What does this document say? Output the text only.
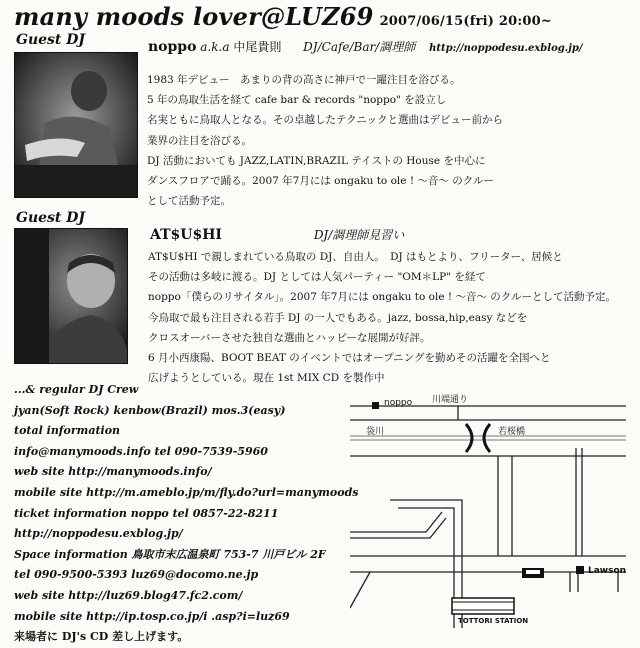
many moods lover@LUZ69 2007/06/15(fri) 20:00~
Guest DJ	noppo a.k.a 中尾貴則 DJ/Cafe/Bar/調理師 http://noppodesu.exblog.jp/
1983 年デビュー　あまりの背の高さに神戸で一躍注目を浴びる。
5 年の鳥取生活を経て cafe bar & records "noppo" を設立し
名実ともに鳥取人となる。その卓越したテクニックと選曲はデビュー前から
業界の注目を浴びる。
DJ 活動においても JAZZ,LATIN,BRAZIL テイストの House を中心に
ダンスフロアで踊る。2007 年7月には ongaku to ole ! ～音～ のクルー
として活動予定。
Guest DJ
AT$U$HI	DJ/調理師見習い
AT$U$HI で親しまれている鳥取の DJ、自由人。　DJ はもとより、フリーター、居候と
その活動は多岐に渡る。DJ としては人気パーティー "OM＊LP" を経て
noppo「僕らのリサイタル」。2007 年7月には ongaku to ole ! ～音～ のクルーとして活動予定。
今鳥取で最も注目される若手 DJ の一人でもある。jazz, bossa,hip,easy などを
クロスオーバーさせた独自な選曲とハッピーな展開が好評。
6 月小西康陽、BOOT BEAT のイベントではオープニングを勤めその活躍を全国へと
広げようとしている。現在 1st MIX CD を製作中
...& regular DJ Crew
jyan(Soft Rock) kenbow(Brazil) mos.3(easy)
total information
info@manymoods.info tel 090-7539-5960
web site http://manymoods.info/
mobile site http://m.ameblo.jp/m/fly.do?url=manymoods
ticket information noppo tel 0857-22-8211
http://noppodesu.exblog.jp/
Space information 鳥取市末広温泉町 753-7 川戸ビル 2F
tel 090-9500-5393 luz69@docomo.ne.jp
web site http://luz69.blog47.fc2.com/
mobile site http://ip.tosp.co.jp/i .asp?i=luz69
来場者に DJ's CD 差し上げます。
noppo 川端通り
袋川	若桜橋
Lawson
TOTTORI STATION
